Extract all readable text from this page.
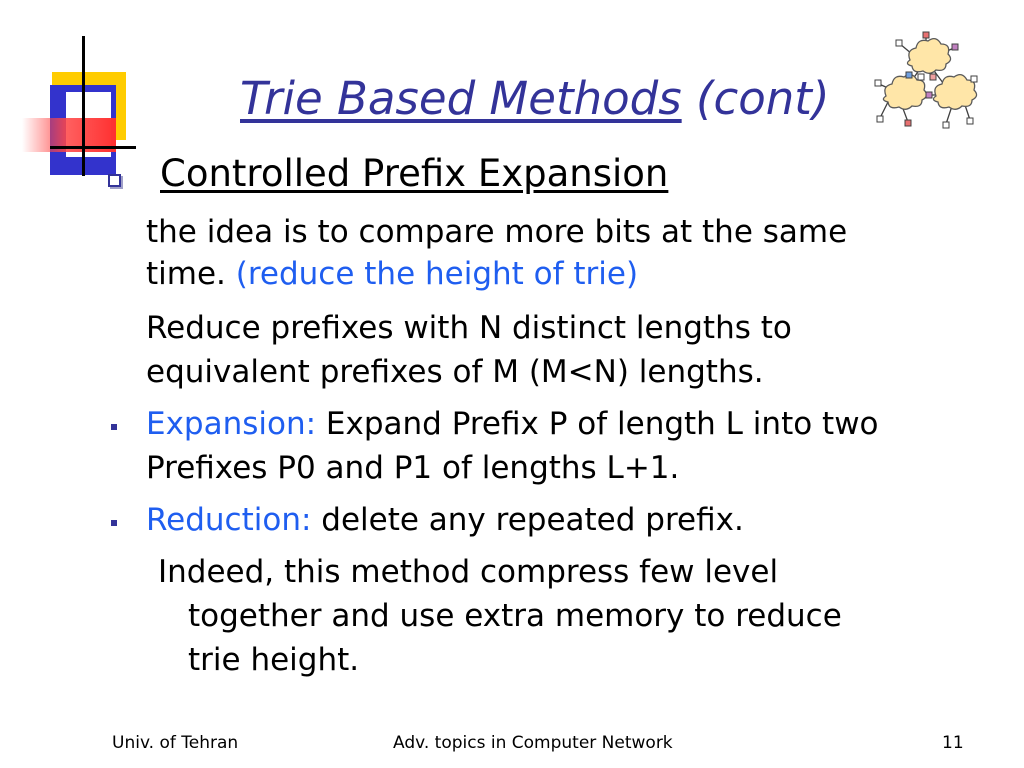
Trie Based Methods (cont)
Controlled Prefix Expansion
the idea is to compare more bits at the same
time. (reduce the height of trie)
Reduce prefixes with N distinct lengths to
equivalent prefixes of M (M<N) lengths.
Expansion: Expand Prefix P of length L into two
Prefixes P0 and P1 of lengths L+1.
Reduction: delete any repeated prefix.
Indeed, this method compress few level
together and use extra memory to reduce
trie height.
Univ. of Tehran	Adv. topics in Computer Network	11
